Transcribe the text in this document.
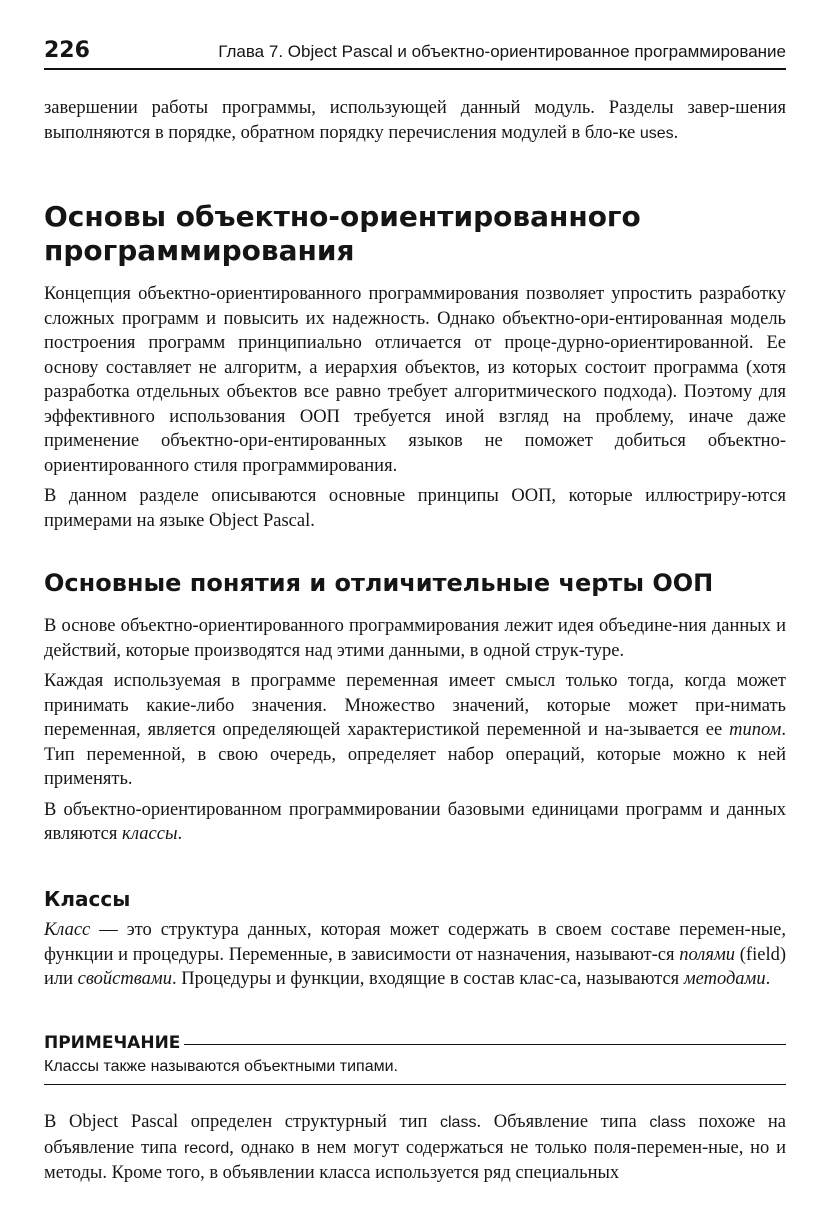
226	Глава 7. Object Pascal и объектно-ориентированное программирование

завершении работы программы, использующей данный модуль. Разделы завер-шения выполняются в порядке, обратном порядку перечисления модулей в бло-ке uses.

Основы объектно-ориентированного программирования

Концепция объектно-ориентированного программирования позволяет упростить разработку сложных программ и повысить их надежность. Однако объектно-ори-ентированная модель построения программ принципиально отличается от проце-дурно-ориентированной. Ее основу составляет не алгоритм, а иерархия объектов, из которых состоит программа (хотя разработка отдельных объектов все равно требует алгоритмического подхода). Поэтому для эффективного использования ООП требуется иной взгляд на проблему, иначе даже применение объектно-ори-ентированных языков не поможет добиться объектно-ориентированного стиля программирования.

В данном разделе описываются основные принципы ООП, которые иллюстриру-ются примерами на языке Object Pascal.

Основные понятия и отличительные черты ООП

В основе объектно-ориентированного программирования лежит идея объедине-ния данных и действий, которые производятся над этими данными, в одной струк-туре.

Каждая используемая в программе переменная имеет смысл только тогда, когда может принимать какие-либо значения. Множество значений, которые может при-нимать переменная, является определяющей характеристикой переменной и на-зывается ее типом. Тип переменной, в свою очередь, определяет набор операций, которые можно к ней применять.

В объектно-ориентированном программировании базовыми единицами программ и данных являются классы.

Классы

Класс — это структура данных, которая может содержать в своем составе перемен-ные, функции и процедуры. Переменные, в зависимости от назначения, называют-ся полями (field) или свойствами. Процедуры и функции, входящие в состав клас-са, называются методами.

ПРИМЕЧАНИЕ
Классы также называются объектными типами.

В Object Pascal определен структурный тип class. Объявление типа class похоже на объявление типа record, однако в нем могут содержаться не только поля-перемен-ные, но и методы. Кроме того, в объявлении класса используется ряд специальных
